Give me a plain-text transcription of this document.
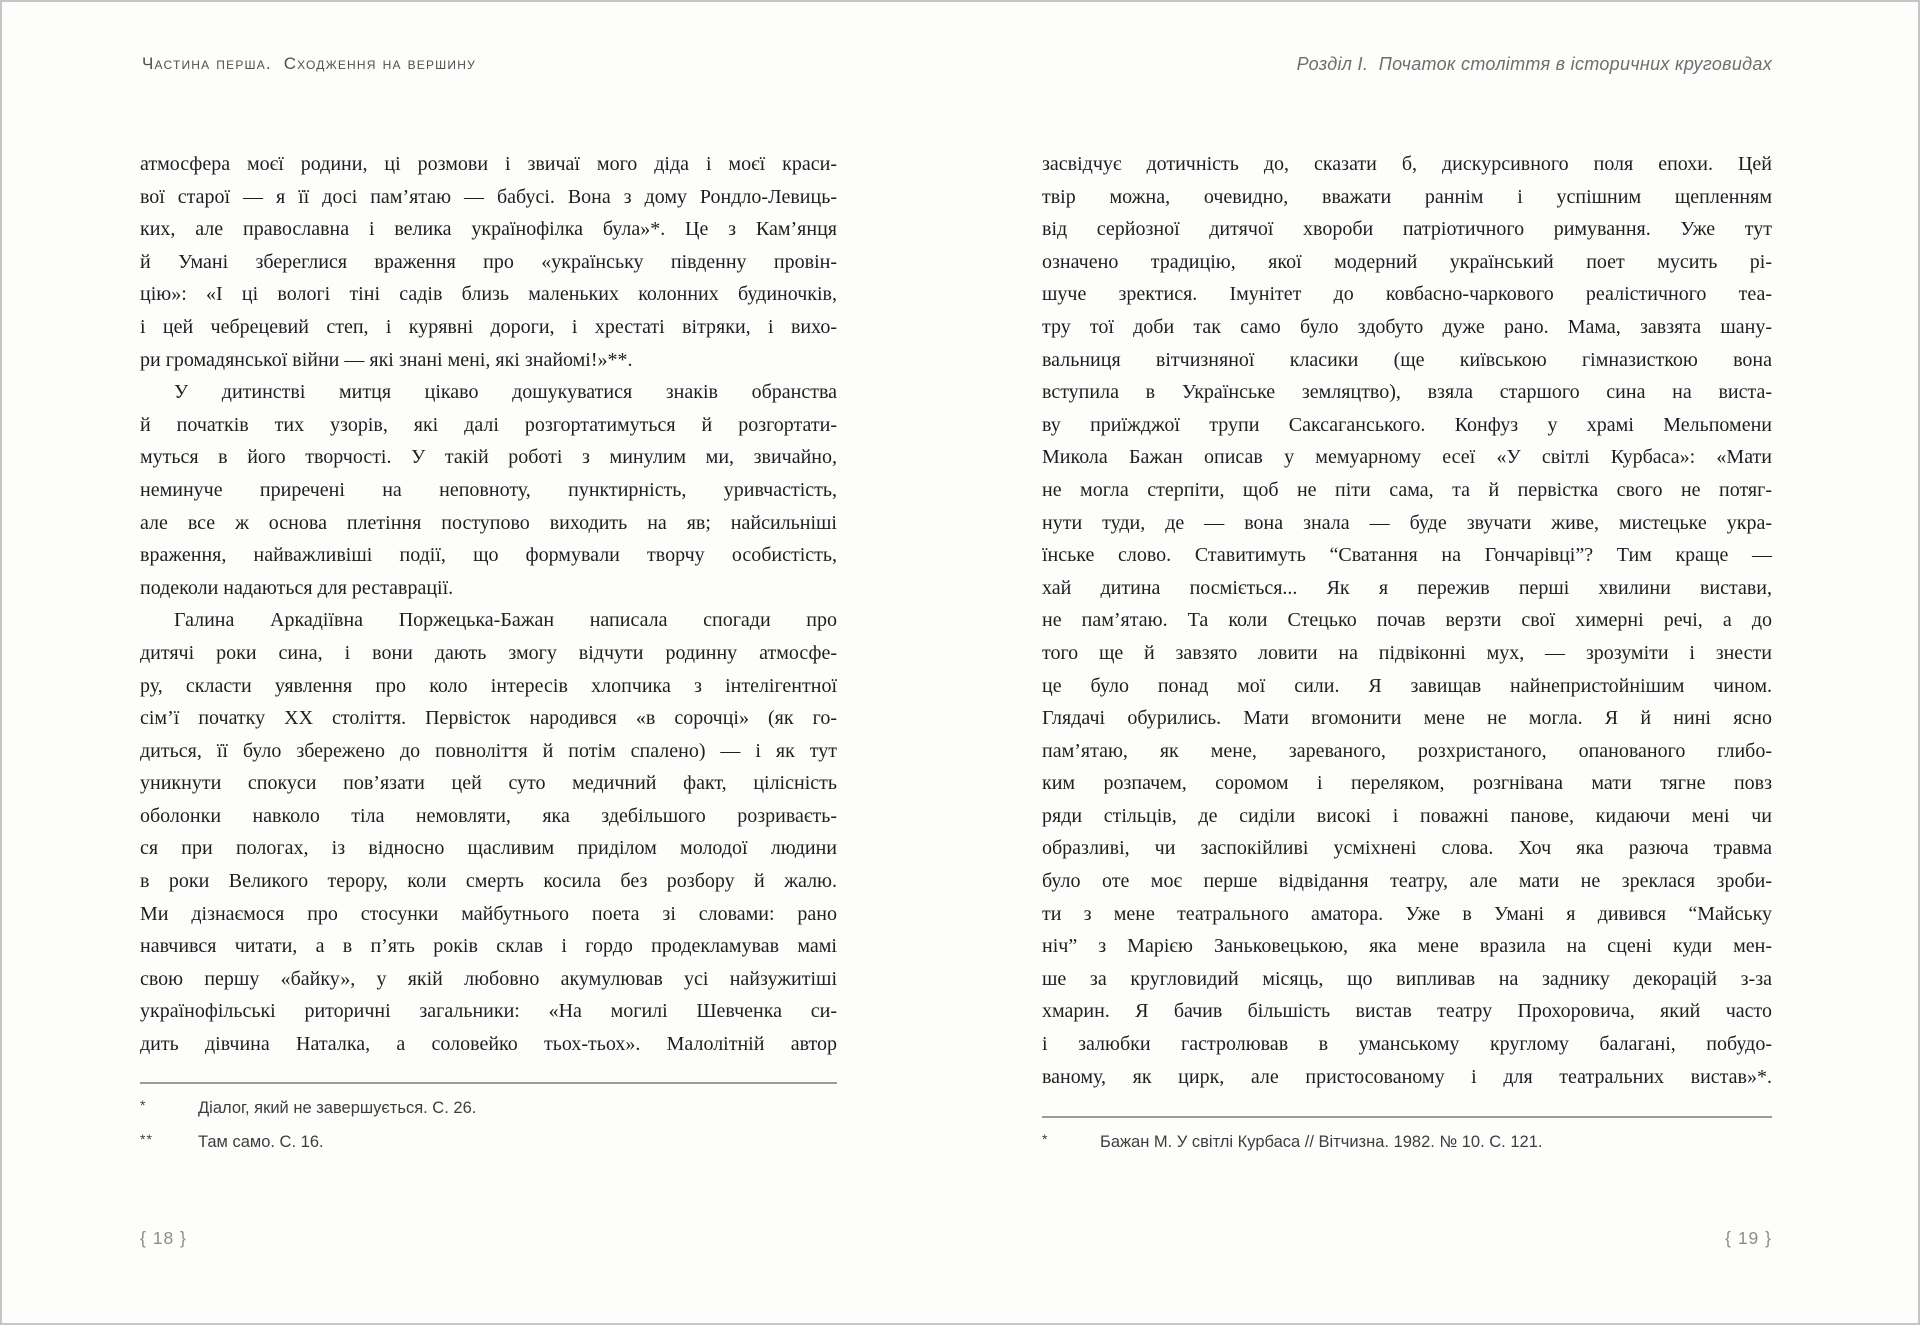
Частина перша.  Сходження на вершину	Розділ І.  Початок століття в історичних круговидах
атмосфера моєї родини, ці розмови і звичаї мого діда і моєї краси-
вої старої — я її досі пам’ятаю — бабусі. Вона з дому Рондло-Левиць-
ких, але православна і велика українофілка була»*. Це з Кам’янця
й Умані збереглися враження про «українську південну провін-
цію»: «І ці вологі тіні садів близь маленьких колонних будиночків,
і цей чебрецевий степ, і курявні дороги, і хрестаті вітряки, і вихо-
ри громадянської війни — які знані мені, які знайомі!»**.
У дитинстві митця цікаво дошукуватися знаків обранства
й початків тих узорів, які далі розгортатимуться й розгортати-
муться в його творчості. У такій роботі з минулим ми, звичайно,
неминуче приречені на неповноту, пунктирність, уривчастість,
але все ж основа плетіння поступово виходить на яв; найсильніші
враження, найважливіші події, що формували творчу особистість,
подеколи надаються для реставрації.
Галина Аркадіївна Поржецька-Бажан написала спогади про
дитячі роки сина, і вони дають змогу відчути родинну атмосфе-
ру, скласти уявлення про коло інтересів хлопчика з інтелігентної
сім’ї початку ХХ століття. Первісток народився «в сорочці» (як го-
диться, її було збережено до повноліття й потім спалено) — і як тут
уникнути спокуси пов’язати цей суто медичний факт, цілісність
оболонки навколо тіла немовляти, яка здебільшого розриваєть-
ся при пологах, із відносно щасливим приділом молодої людини
в роки Великого терору, коли смерть косила без розбору й жалю.
Ми дізнаємося про стосунки майбутнього поета зі словами: рано
навчився читати, а в п’ять років склав і гордо продекламував мамі
свою першу «байку», у якій любовно акумулював усі найзужитіші
українофільські риторичні загальники: «На могилі Шевченка си-
дить дівчина Наталка, а соловейко тьох-тьох». Малолітній автор
засвідчує дотичність до, сказати б, дискурсивного поля епохи. Цей
твір можна, очевидно, вважати раннім і успішним щепленням
від серйозної дитячої хвороби патріотичного римування. Уже тут
означено традицію, якої модерний український поет мусить рі-
шуче зректися. Імунітет до ковбасно-чаркового реалістичного теа-
тру тої доби так само було здобуто дуже рано. Мама, завзята шану-
вальниця вітчизняної класики (ще київською гімназисткою вона
вступила в Українське земляцтво), взяла старшого сина на виста-
ву приїжджої трупи Саксаганського. Конфуз у храмі Мельпомени
Микола Бажан описав у мемуарному есеї «У світлі Курбаса»: «Мати
не могла стерпіти, щоб не піти сама, та й первістка свого не потяг-
нути туди, де — вона знала — буде звучати живе, мистецьке укра-
їнське слово. Ставитимуть “Сватання на Гончарівці”? Тим краще —
хай дитина посміється... Як я пережив перші хвилини вистави,
не пам’ятаю. Та коли Стецько почав верзти свої химерні речі, а до
того ще й завзято ловити на підвіконні мух, — зрозуміти і знести
це було понад мої сили. Я завищав найнепристойнішим чином.
Глядачі обурились. Мати вгомонити мене не могла. Я й нині ясно
пам’ятаю, як мене, зареваного, розхристаного, опанованого глибо-
ким розпачем, соромом і переляком, розгнівана мати тягне повз
ряди стільців, де сиділи високі і поважні панове, кидаючи мені чи
образливі, чи заспокійливі усміхнені слова. Хоч яка разюча травма
було оте моє перше відвідання театру, але мати не зреклася зроби-
ти з мене театрального аматора. Уже в Умані я дивився “Майську
ніч” з Марією Заньковецькою, яка мене вразила на сцені куди мен-
ше за кругловидий місяць, що випливав на заднику декорацій з-за
хмарин. Я бачив більшість вистав театру Прохоровича, який часто
і залюбки гастролював в уманському круглому балагані, побудо-
ваному, як цирк, але пристосованому і для театральних вистав»*.
*	Діалог, який не завершується. С. 26.
**	Там само. С. 16.	*	Бажан М. У світлі Курбаса // Вітчизна. 1982. № 10. С. 121.
{ 18 }	{ 19 }
